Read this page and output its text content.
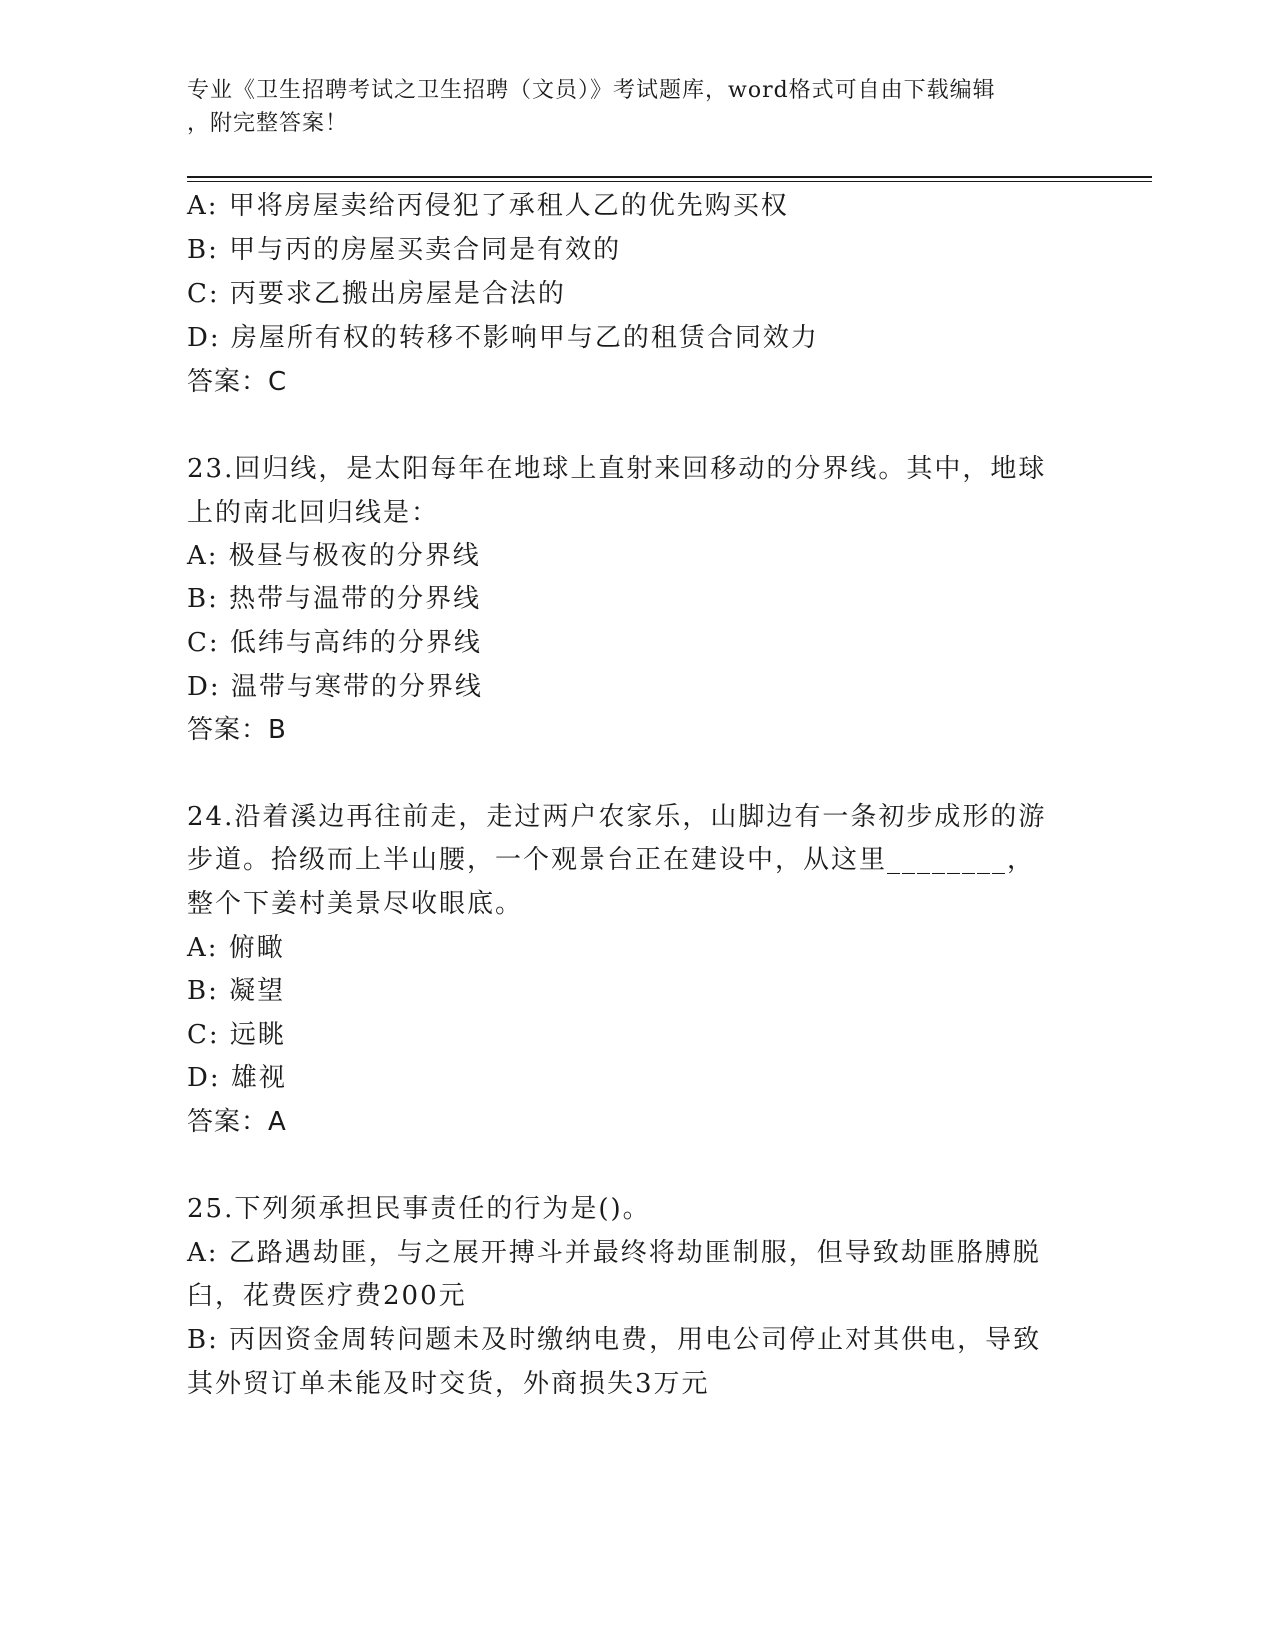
专业《卫生招聘考试之卫生招聘（文员）》考试题库，word格式可自由下载编辑
，附完整答案！
A: 甲将房屋卖给丙侵犯了承租人乙的优先购买权
B: 甲与丙的房屋买卖合同是有效的
C: 丙要求乙搬出房屋是合法的
D: 房屋所有权的转移不影响甲与乙的租赁合同效力
答案：C
23.回归线，是太阳每年在地球上直射来回移动的分界线。其中，地球
上的南北回归线是：
A: 极昼与极夜的分界线
B: 热带与温带的分界线
C: 低纬与高纬的分界线
D: 温带与寒带的分界线
答案：B
24.沿着溪边再往前走，走过两户农家乐，山脚边有一条初步成形的游
步道。拾级而上半山腰，一个观景台正在建设中，从这里________，
整个下姜村美景尽收眼底。
A: 俯瞰
B: 凝望
C: 远眺
D: 雄视
答案：A
25.下列须承担民事责任的行为是()。
A: 乙路遇劫匪，与之展开搏斗并最终将劫匪制服，但导致劫匪胳膊脱
臼，花费医疗费200元
B: 丙因资金周转问题未及时缴纳电费，用电公司停止对其供电，导致
其外贸订单未能及时交货，外商损失3万元
